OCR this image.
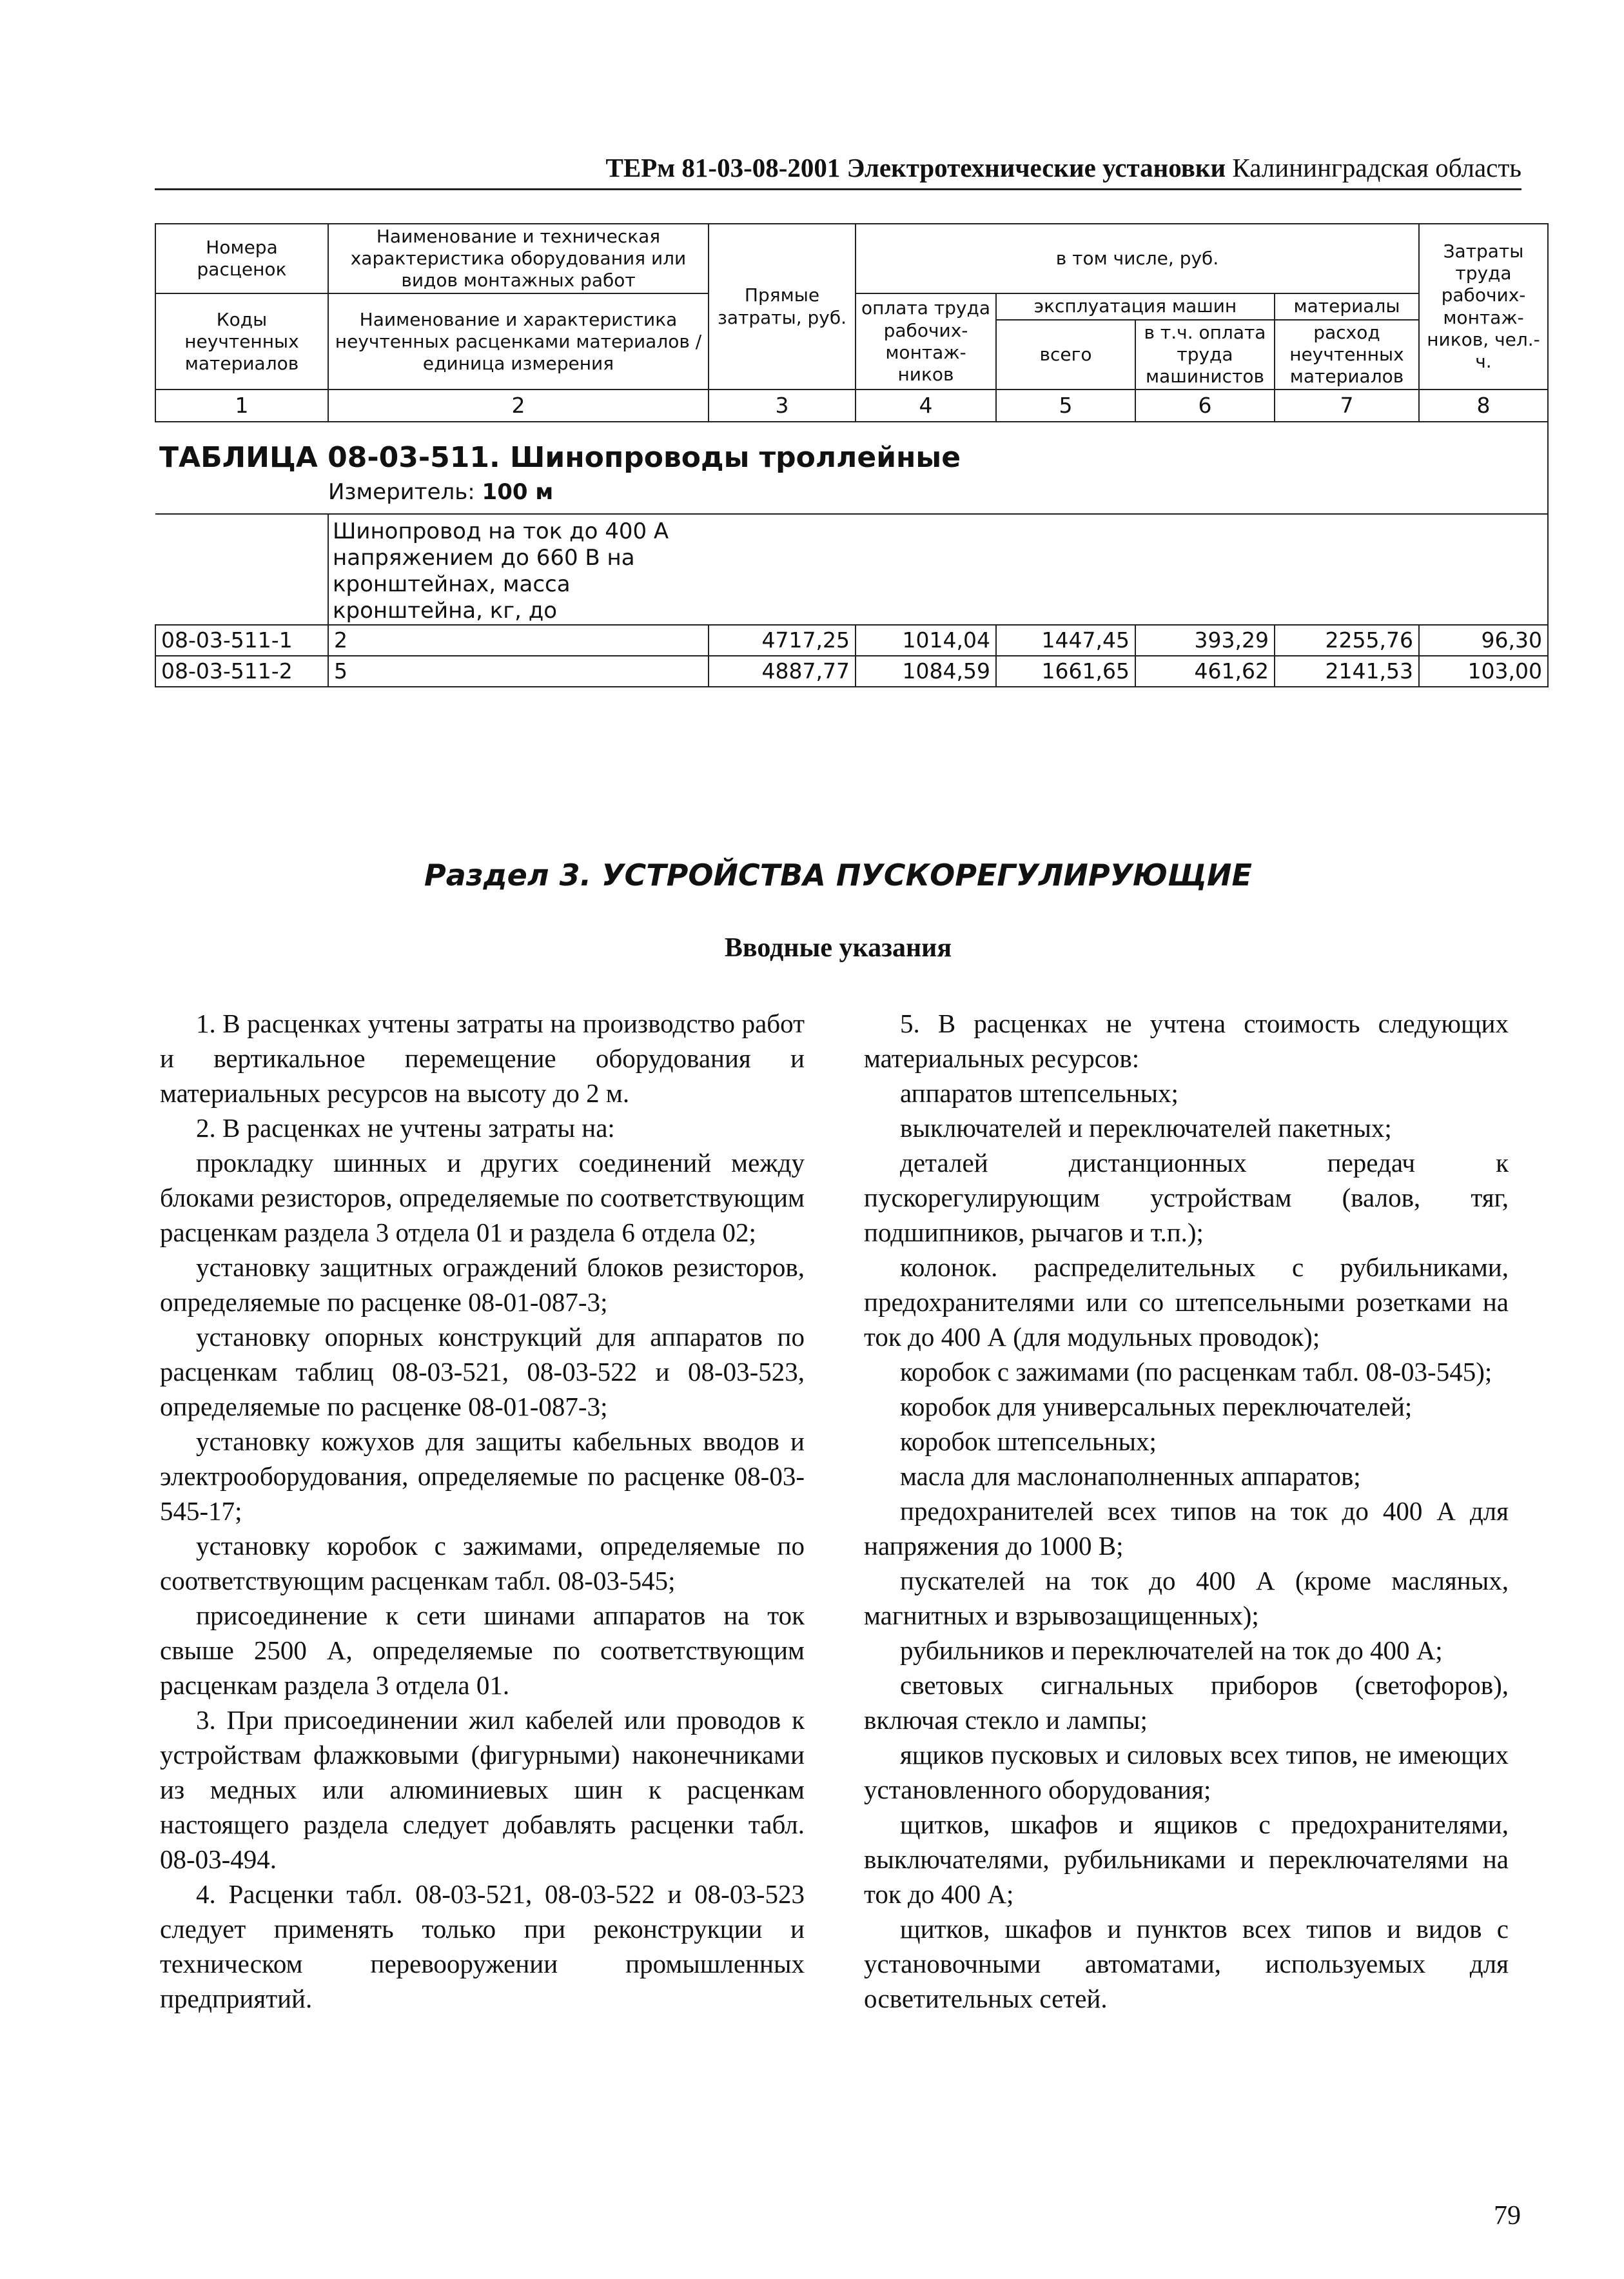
ТЕРм 81-03-08-2001 Электротехнические установки Калининградская область
Номера расценок	Наименование и техническая характеристика оборудования или видов монтажных работ	Прямые затраты, руб.	в том числе, руб.				Затраты труда рабочих-монтаж-ников, чел.-ч.
Коды неучтенных материалов	Наименование и характеристика неучтенных расценками материалов / единица измерения		оплата труда рабочих-монтаж-ников	эксплуатация машин		материалы	
				всего	в т.ч. оплата труда машинистов	расход неучтенных материалов	
1	2	3	4	5	6	7	8

ТАБЛИЦА 08-03-511. Шинопроводы троллейные
Измеритель: 100 м							

	Шинопровод на ток до 400 А напряжением до 660 В на кронштейнах, масса кронштейна, кг, до						

08-03-511-1	2	4717,25	1014,04	1447,45	393,29	2255,76	96,30
08-03-511-2	5	4887,77	1084,59	1661,65	461,62	2141,53	103,00
Раздел 3. УСТРОЙСТВА ПУСКОРЕГУЛИРУЮЩИЕ
Вводные указания

1. В расценках учтены затраты на производство работ и вертикальное перемещение оборудования и материальных ресурсов на высоту до 2 м.

2. В расценках не учтены затраты на:

прокладку шинных и других соединений между блоками резисторов, определяемые по соответствующим расценкам раздела 3 отдела 01 и раздела 6 отдела 02;

установку защитных ограждений блоков резисторов, определяемые по расценке 08-01-087-3;

установку опорных конструкций для аппаратов по расценкам таблиц 08-03-521, 08-03-522 и 08-03-523, определяемые по расценке 08-01-087-3;

установку кожухов для защиты кабельных вводов и электрооборудования, определяемые по расценке 08-03-545-17;

установку коробок с зажимами, определяемые по соответствующим расценкам табл. 08-03-545;

присоединение к сети шинами аппаратов на ток свыше 2500 А, определяемые по соответствующим расценкам раздела 3 отдела 01.

3. При присоединении жил кабелей или проводов к устройствам флажковыми (фигурными) наконечниками из медных или алюминиевых шин к расценкам настоящего раздела следует добавлять расценки табл. 08-03-494.

4. Расценки табл. 08-03-521, 08-03-522 и 08-03-523 следует применять только при реконструкции и техническом перевооружении промышленных предприятий.

5. В расценках не учтена стоимость следующих материальных ресурсов:

аппаратов штепсельных;

выключателей и переключателей пакетных;

деталей дистанционных передач к пускорегулирующим устройствам (валов, тяг, подшипников, рычагов и т.п.);

колонок. распределительных с рубильниками, предохранителями или со штепсельными розетками на ток до 400 А (для модульных проводок);

коробок с зажимами (по расценкам табл. 08-03-545);

коробок для универсальных переключателей;

коробок штепсельных;

масла для маслонаполненных аппаратов;

предохранителей всех типов на ток до 400 А для напряжения до 1000 В;

пускателей на ток до 400 А (кроме масляных, магнитных и взрывозащищенных);

рубильников и переключателей на ток до 400 А;

световых сигнальных приборов (светофоров), включая стекло и лампы;

ящиков пусковых и силовых всех типов, не имеющих установленного оборудования;

щитков, шкафов и ящиков с предохранителями, выключателями, рубильниками и переключателями на ток до 400 А;

щитков, шкафов и пунктов всех типов и видов с установочными автоматами, используемых для осветительных сетей.

79
